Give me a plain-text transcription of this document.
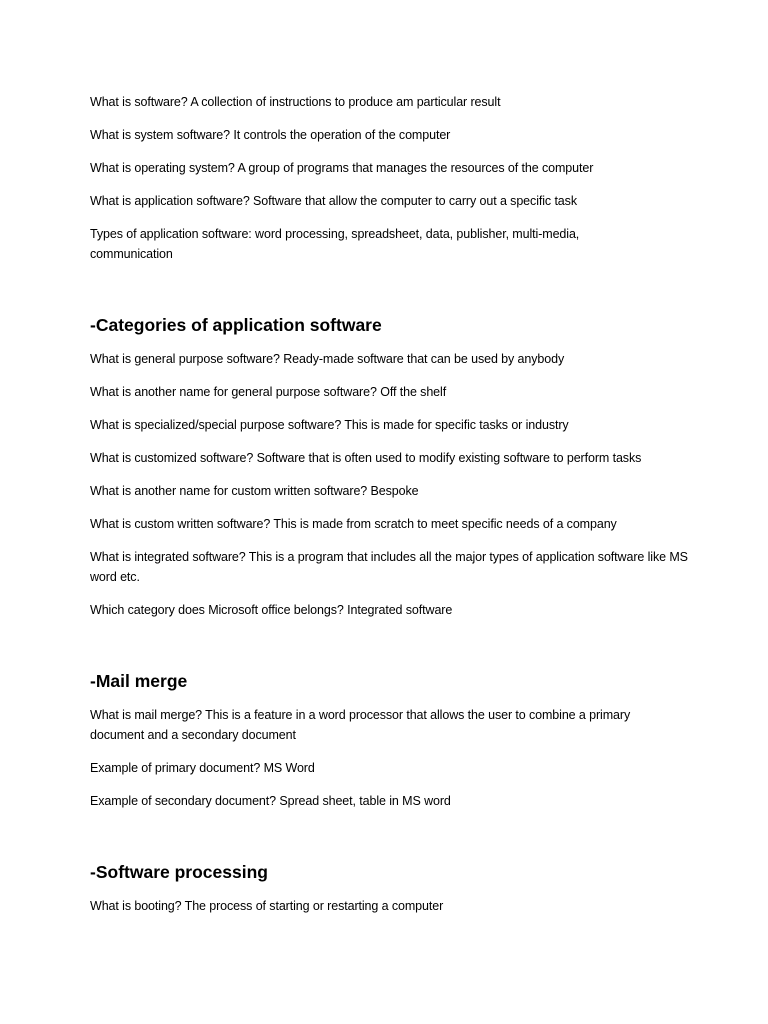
What is software? A collection of instructions to produce am particular result

What is system software? It controls the operation of the computer

What is operating system? A group of programs that manages the resources of the computer

What is application software? Software that allow the computer to carry out a specific task

Types of application software: word processing, spreadsheet, data, publisher, multi-media, communication

-Categories of application software

What is general purpose software? Ready-made software that can be used by anybody

What is another name for general purpose software? Off the shelf

What is specialized/special purpose software? This is made for specific tasks or industry

What is customized software? Software that is often used to modify existing software to perform tasks

What is another name for custom written software? Bespoke

What is custom written software? This is made from scratch to meet specific needs of a company

What is integrated software? This is a program that includes all the major types of application software like MS word etc.

Which category does Microsoft office belongs? Integrated software

-Mail merge

What is mail merge? This is a feature in a word processor that allows the user to combine a primary document and a secondary document

Example of primary document? MS Word

Example of secondary document? Spread sheet, table in MS word

-Software processing

What is booting? The process of starting or restarting a computer
